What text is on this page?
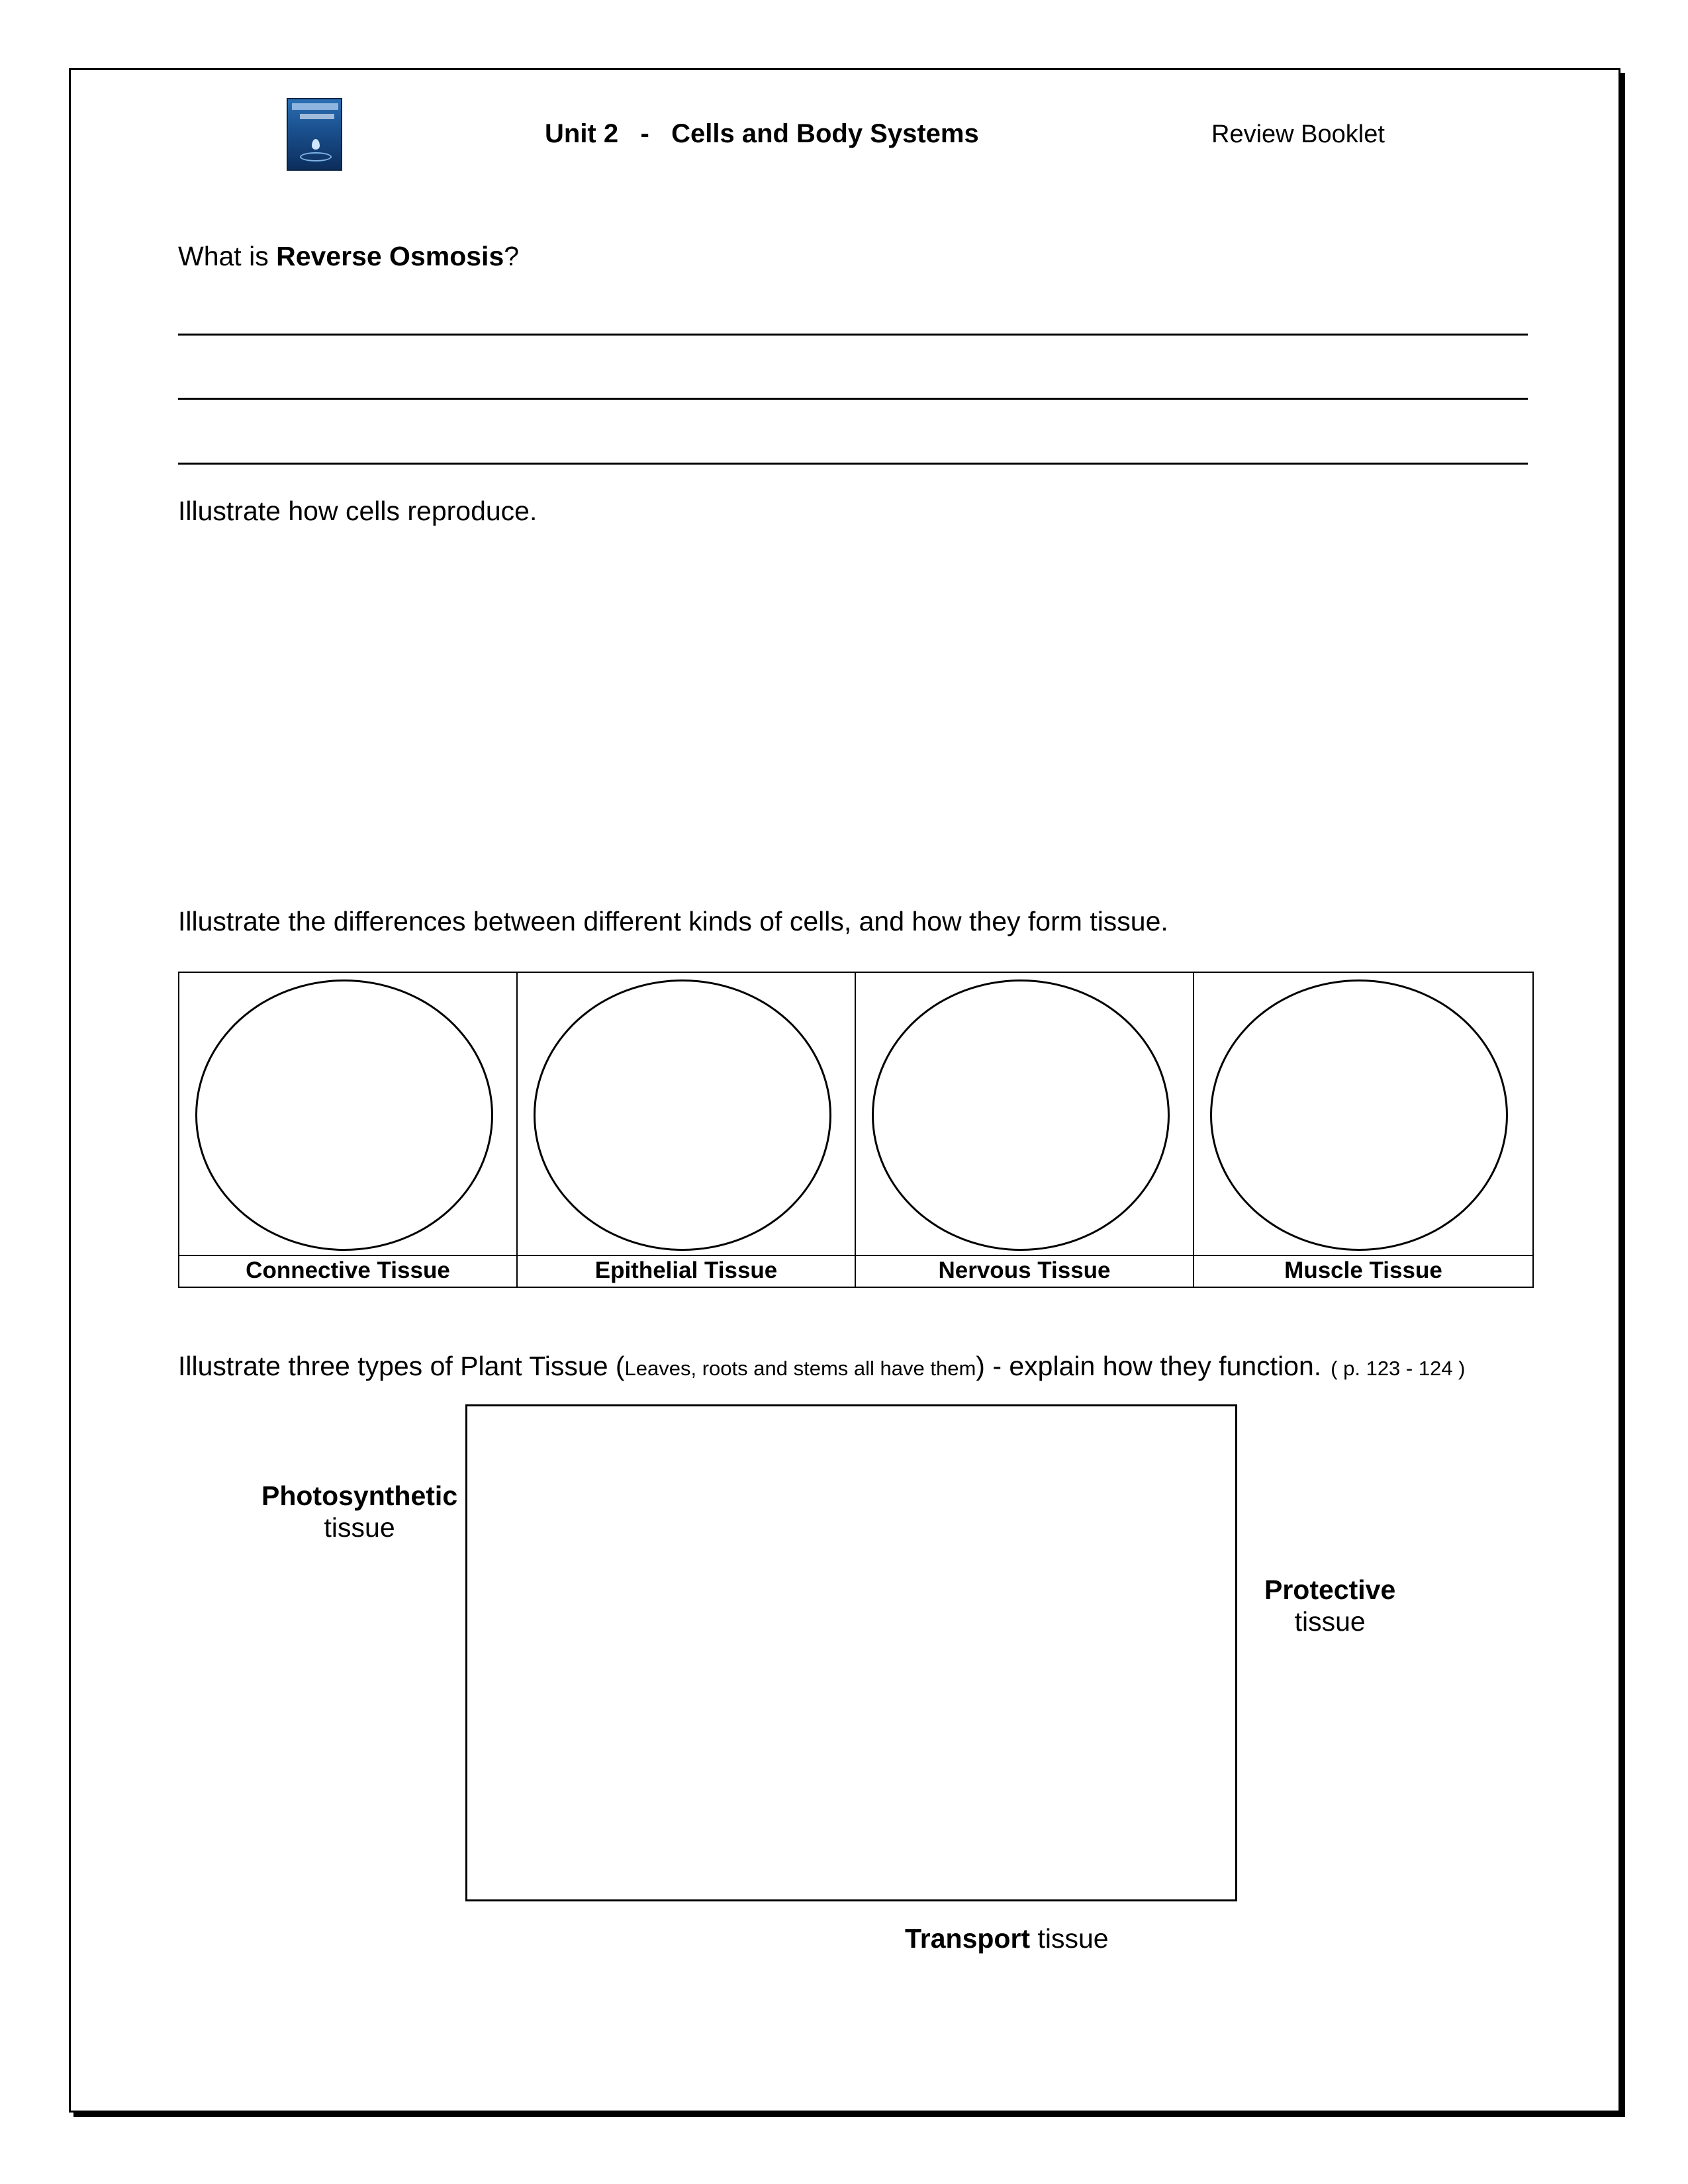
Unit 2   -   Cells and Body Systems	Review Booklet
What is Reverse Osmosis?
Illustrate how cells reproduce.
Illustrate the differences between different kinds of cells, and how they form tissue.
Connective Tissue	Epithelial Tissue	Nervous Tissue	Muscle Tissue
Illustrate three types of Plant Tissue (Leaves, roots and stems all have them) - explain how they function. ( p. 123 - 124 )
Photosynthetic
tissue
Protective
tissue
Transport tissue
